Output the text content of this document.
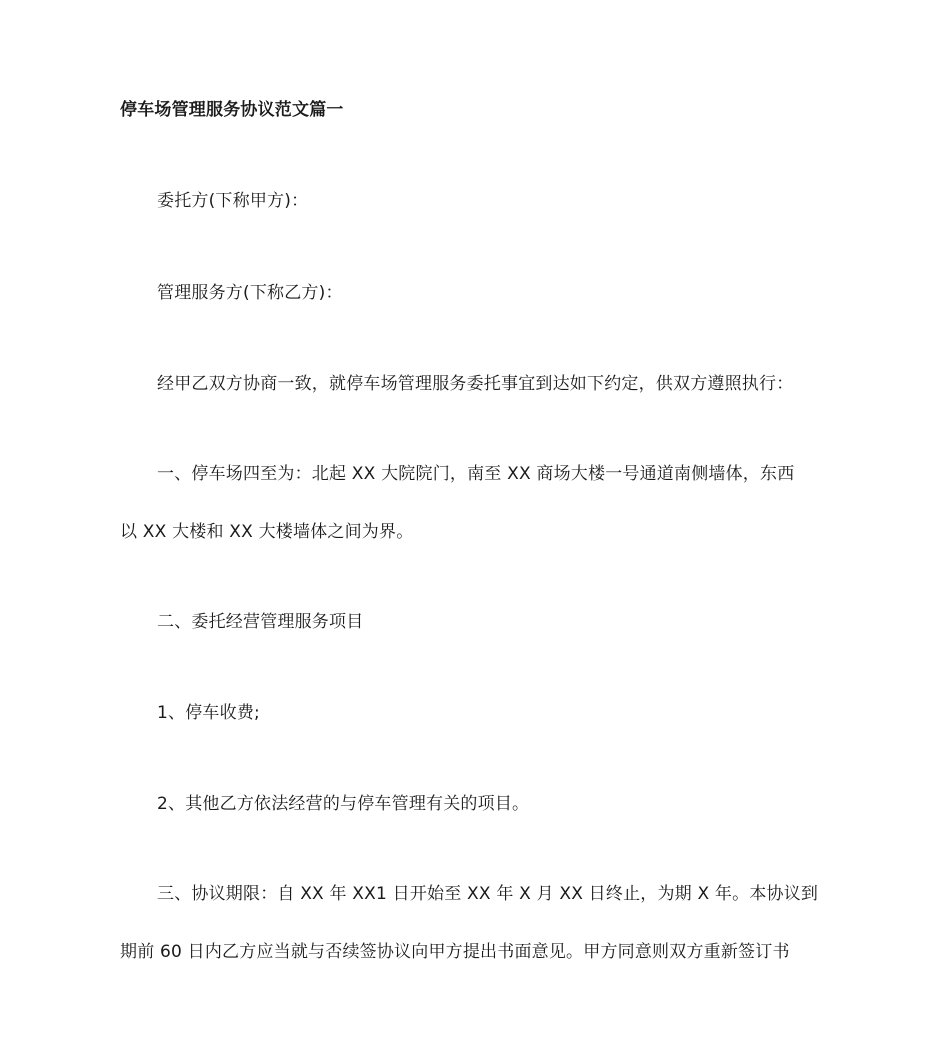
停车场管理服务协议范文篇一
委托方(下称甲方)：
管理服务方(下称乙方)：
经甲乙双方协商一致，就停车场管理服务委托事宜到达如下约定，供双方遵照执行：
一、停车场四至为：北起 XX 大院院门，南至 XX 商场大楼一号通道南侧墙体，东西
以 XX 大楼和 XX 大楼墙体之间为界。
二、委托经营管理服务项目
1、停车收费;
2、其他乙方依法经营的与停车管理有关的项目。
三、协议期限：自 XX 年 XX1 日开始至 XX 年 X 月 XX 日终止，为期 X 年。本协议到
期前 60 日内乙方应当就与否续签协议向甲方提出书面意见。甲方同意则双方重新签订书
